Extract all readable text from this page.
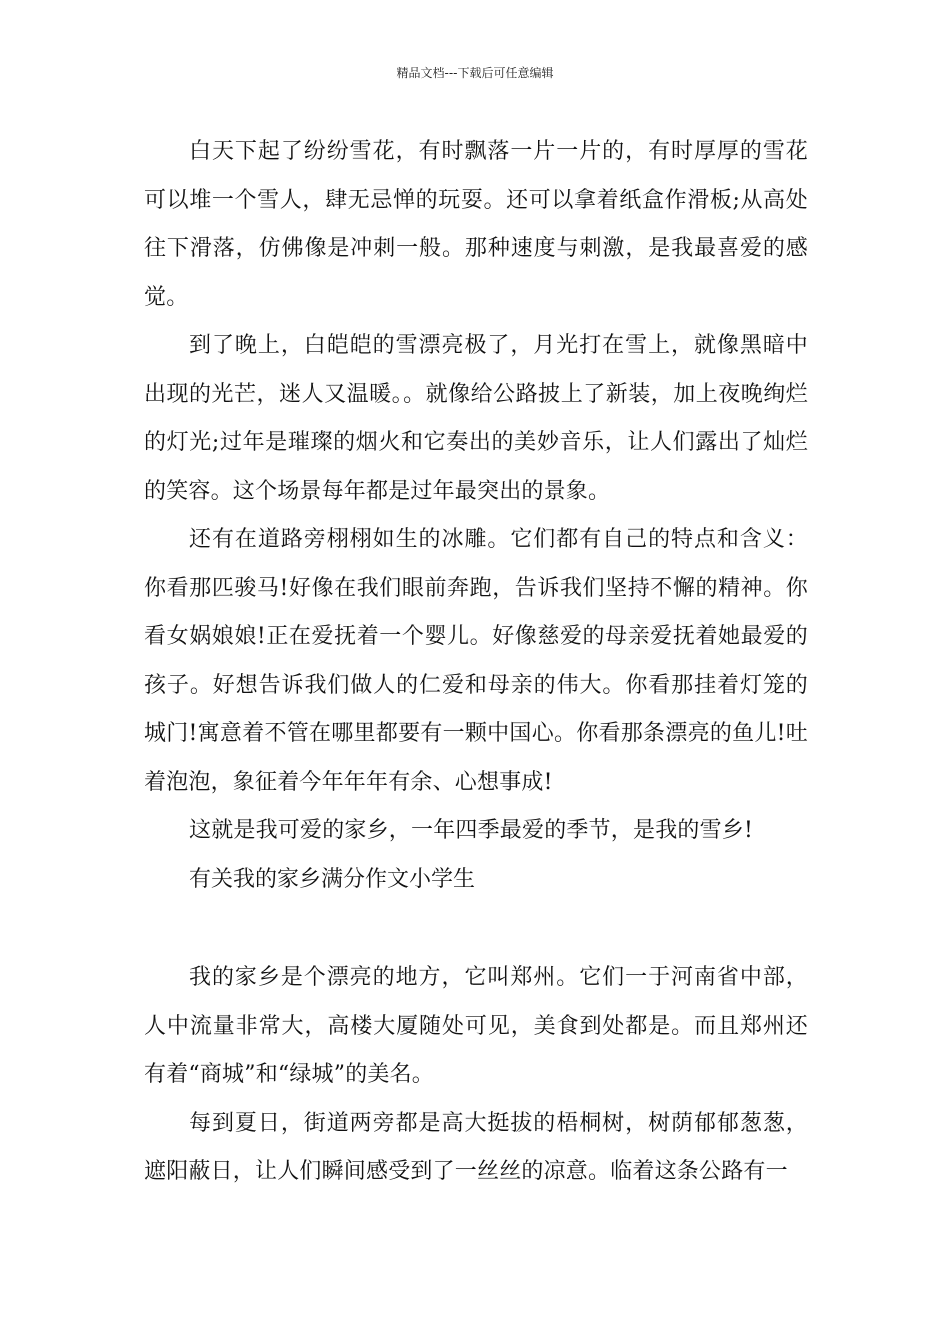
精品文档---下载后可任意编辑

白天下起了纷纷雪花，有时飘落一片一片的，有时厚厚的雪花可以堆一个雪人，肆无忌惮的玩耍。还可以拿着纸盒作滑板;从高处往下滑落，仿佛像是冲刺一般。那种速度与刺激，是我最喜爱的感觉。

到了晚上，白皑皑的雪漂亮极了，月光打在雪上，就像黑暗中出现的光芒，迷人又温暖。。就像给公路披上了新装，加上夜晚绚烂的灯光;过年是璀璨的烟火和它奏出的美妙音乐，让人们露出了灿烂的笑容。这个场景每年都是过年最突出的景象。

还有在道路旁栩栩如生的冰雕。它们都有自己的特点和含义：你看那匹骏马!好像在我们眼前奔跑，告诉我们坚持不懈的精神。你看女娲娘娘!正在爱抚着一个婴儿。好像慈爱的母亲爱抚着她最爱的孩子。好想告诉我们做人的仁爱和母亲的伟大。你看那挂着灯笼的城门!寓意着不管在哪里都要有一颗中国心。你看那条漂亮的鱼儿!吐着泡泡，象征着今年年年有余、心想事成!

这就是我可爱的家乡，一年四季最爱的季节，是我的雪乡!

有关我的家乡满分作文小学生

我的家乡是个漂亮的地方，它叫郑州。它们一于河南省中部，人中流量非常大，高楼大厦随处可见，美食到处都是。而且郑州还有着“商城”和“绿城”的美名。

每到夏日，街道两旁都是高大挺拔的梧桐树，树荫郁郁葱葱，遮阳蔽日，让人们瞬间感受到了一丝丝的凉意。临着这条公路有一
